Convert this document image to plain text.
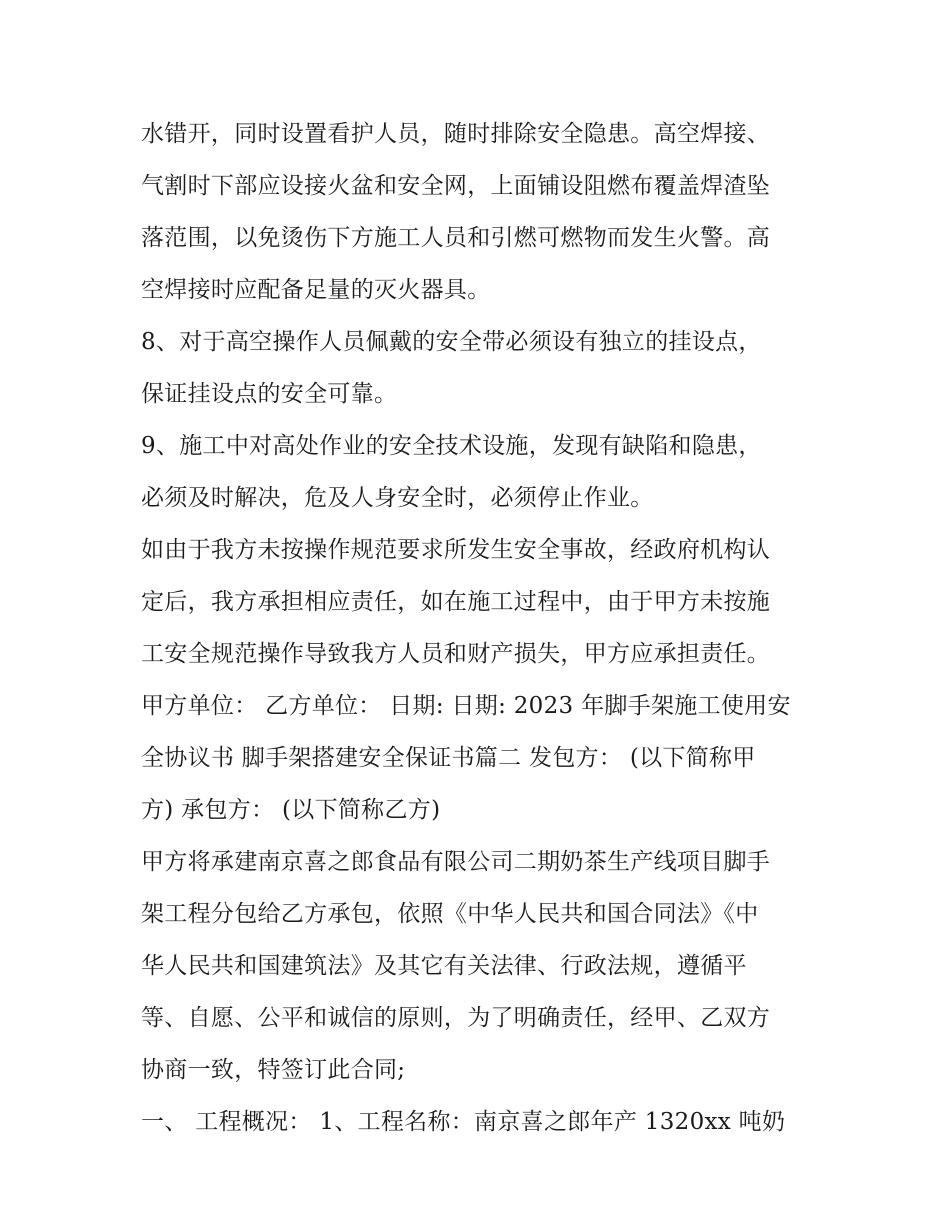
水错开，同时设置看护人员，随时排除安全隐患。高空焊接、
气割时下部应设接火盆和安全网，上面铺设阻燃布覆盖焊渣坠
落范围，以免烫伤下方施工人员和引燃可燃物而发生火警。高
空焊接时应配备足量的灭火器具。
8、对于高空操作人员佩戴的安全带必须设有独立的挂设点，
保证挂设点的安全可靠。
9、施工中对高处作业的安全技术设施，发现有缺陷和隐患，
必须及时解决，危及人身安全时，必须停止作业。
如由于我方未按操作规范要求所发生安全事故，经政府机构认
定后，我方承担相应责任，如在施工过程中，由于甲方未按施
工安全规范操作导致我方人员和财产损失，甲方应承担责任。
甲方单位： 乙方单位： 日期: 日期: 2023 年脚手架施工使用安
全协议书 脚手架搭建安全保证书篇二 发包方： (以下简称甲
方) 承包方： (以下简称乙方)
甲方将承建南京喜之郎食品有限公司二期奶茶生产线项目脚手
架工程分包给乙方承包，依照《中华人民共和国合同法》《中
华人民共和国建筑法》及其它有关法律、行政法规，遵循平
等、自愿、公平和诚信的原则，为了明确责任，经甲、乙双方
协商一致，特签订此合同;
一、 工程概况： 1、工程名称：南京喜之郎年产 1320xx 吨奶
